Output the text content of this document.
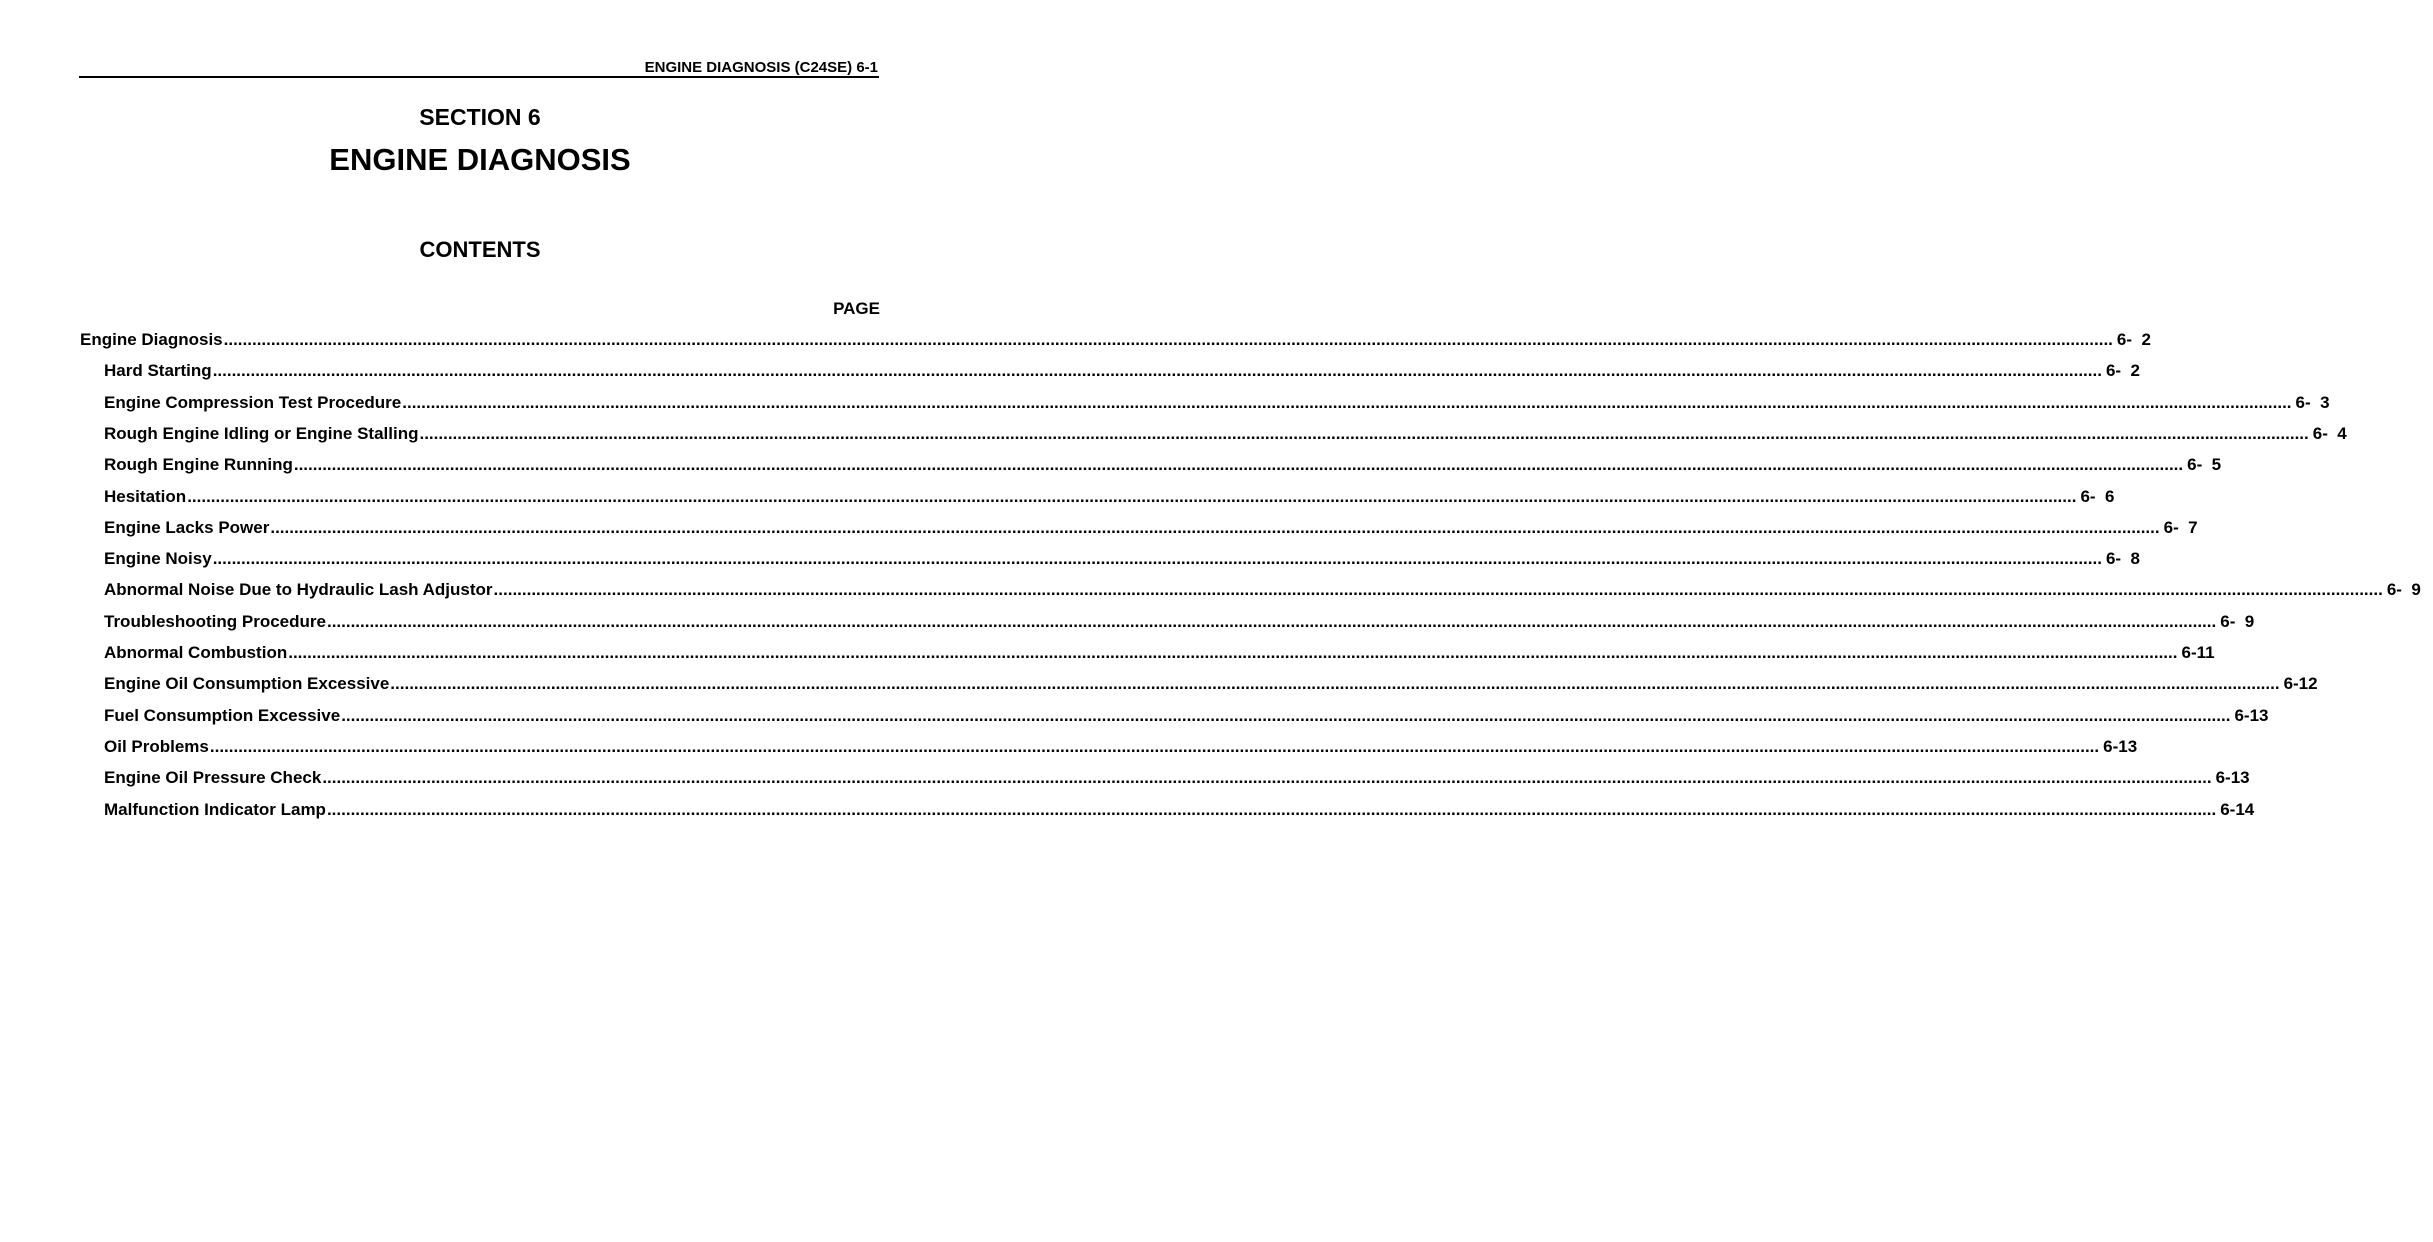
ENGINE DIAGNOSIS (C24SE) 6-1
SECTION 6
ENGINE DIAGNOSIS
CONTENTS
PAGE
Engine Diagnosis ................................................................................................................................................................................................................................................................................................................................................................................................................ 6-  2
Hard Starting ................................................................................................................................................................................................................................................................................................................................................................................................................ 6-  2
Engine Compression Test Procedure ................................................................................................................................................................................................................................................................................................................................................................................................................ 6-  3
Rough Engine Idling or Engine Stalling ................................................................................................................................................................................................................................................................................................................................................................................................................ 6-  4
Rough Engine Running ................................................................................................................................................................................................................................................................................................................................................................................................................ 6-  5
Hesitation ................................................................................................................................................................................................................................................................................................................................................................................................................ 6-  6
Engine Lacks Power ................................................................................................................................................................................................................................................................................................................................................................................................................ 6-  7
Engine Noisy ................................................................................................................................................................................................................................................................................................................................................................................................................ 6-  8
Abnormal Noise Due to Hydraulic Lash Adjustor ................................................................................................................................................................................................................................................................................................................................................................................................................ 6-  9
Troubleshooting Procedure ................................................................................................................................................................................................................................................................................................................................................................................................................ 6-  9
Abnormal Combustion ................................................................................................................................................................................................................................................................................................................................................................................................................ 6-11
Engine Oil Consumption Excessive ................................................................................................................................................................................................................................................................................................................................................................................................................ 6-12
Fuel Consumption Excessive ................................................................................................................................................................................................................................................................................................................................................................................................................ 6-13
Oil Problems ................................................................................................................................................................................................................................................................................................................................................................................................................ 6-13
Engine Oil Pressure Check ................................................................................................................................................................................................................................................................................................................................................................................................................ 6-13
Malfunction Indicator Lamp ................................................................................................................................................................................................................................................................................................................................................................................................................ 6-14
